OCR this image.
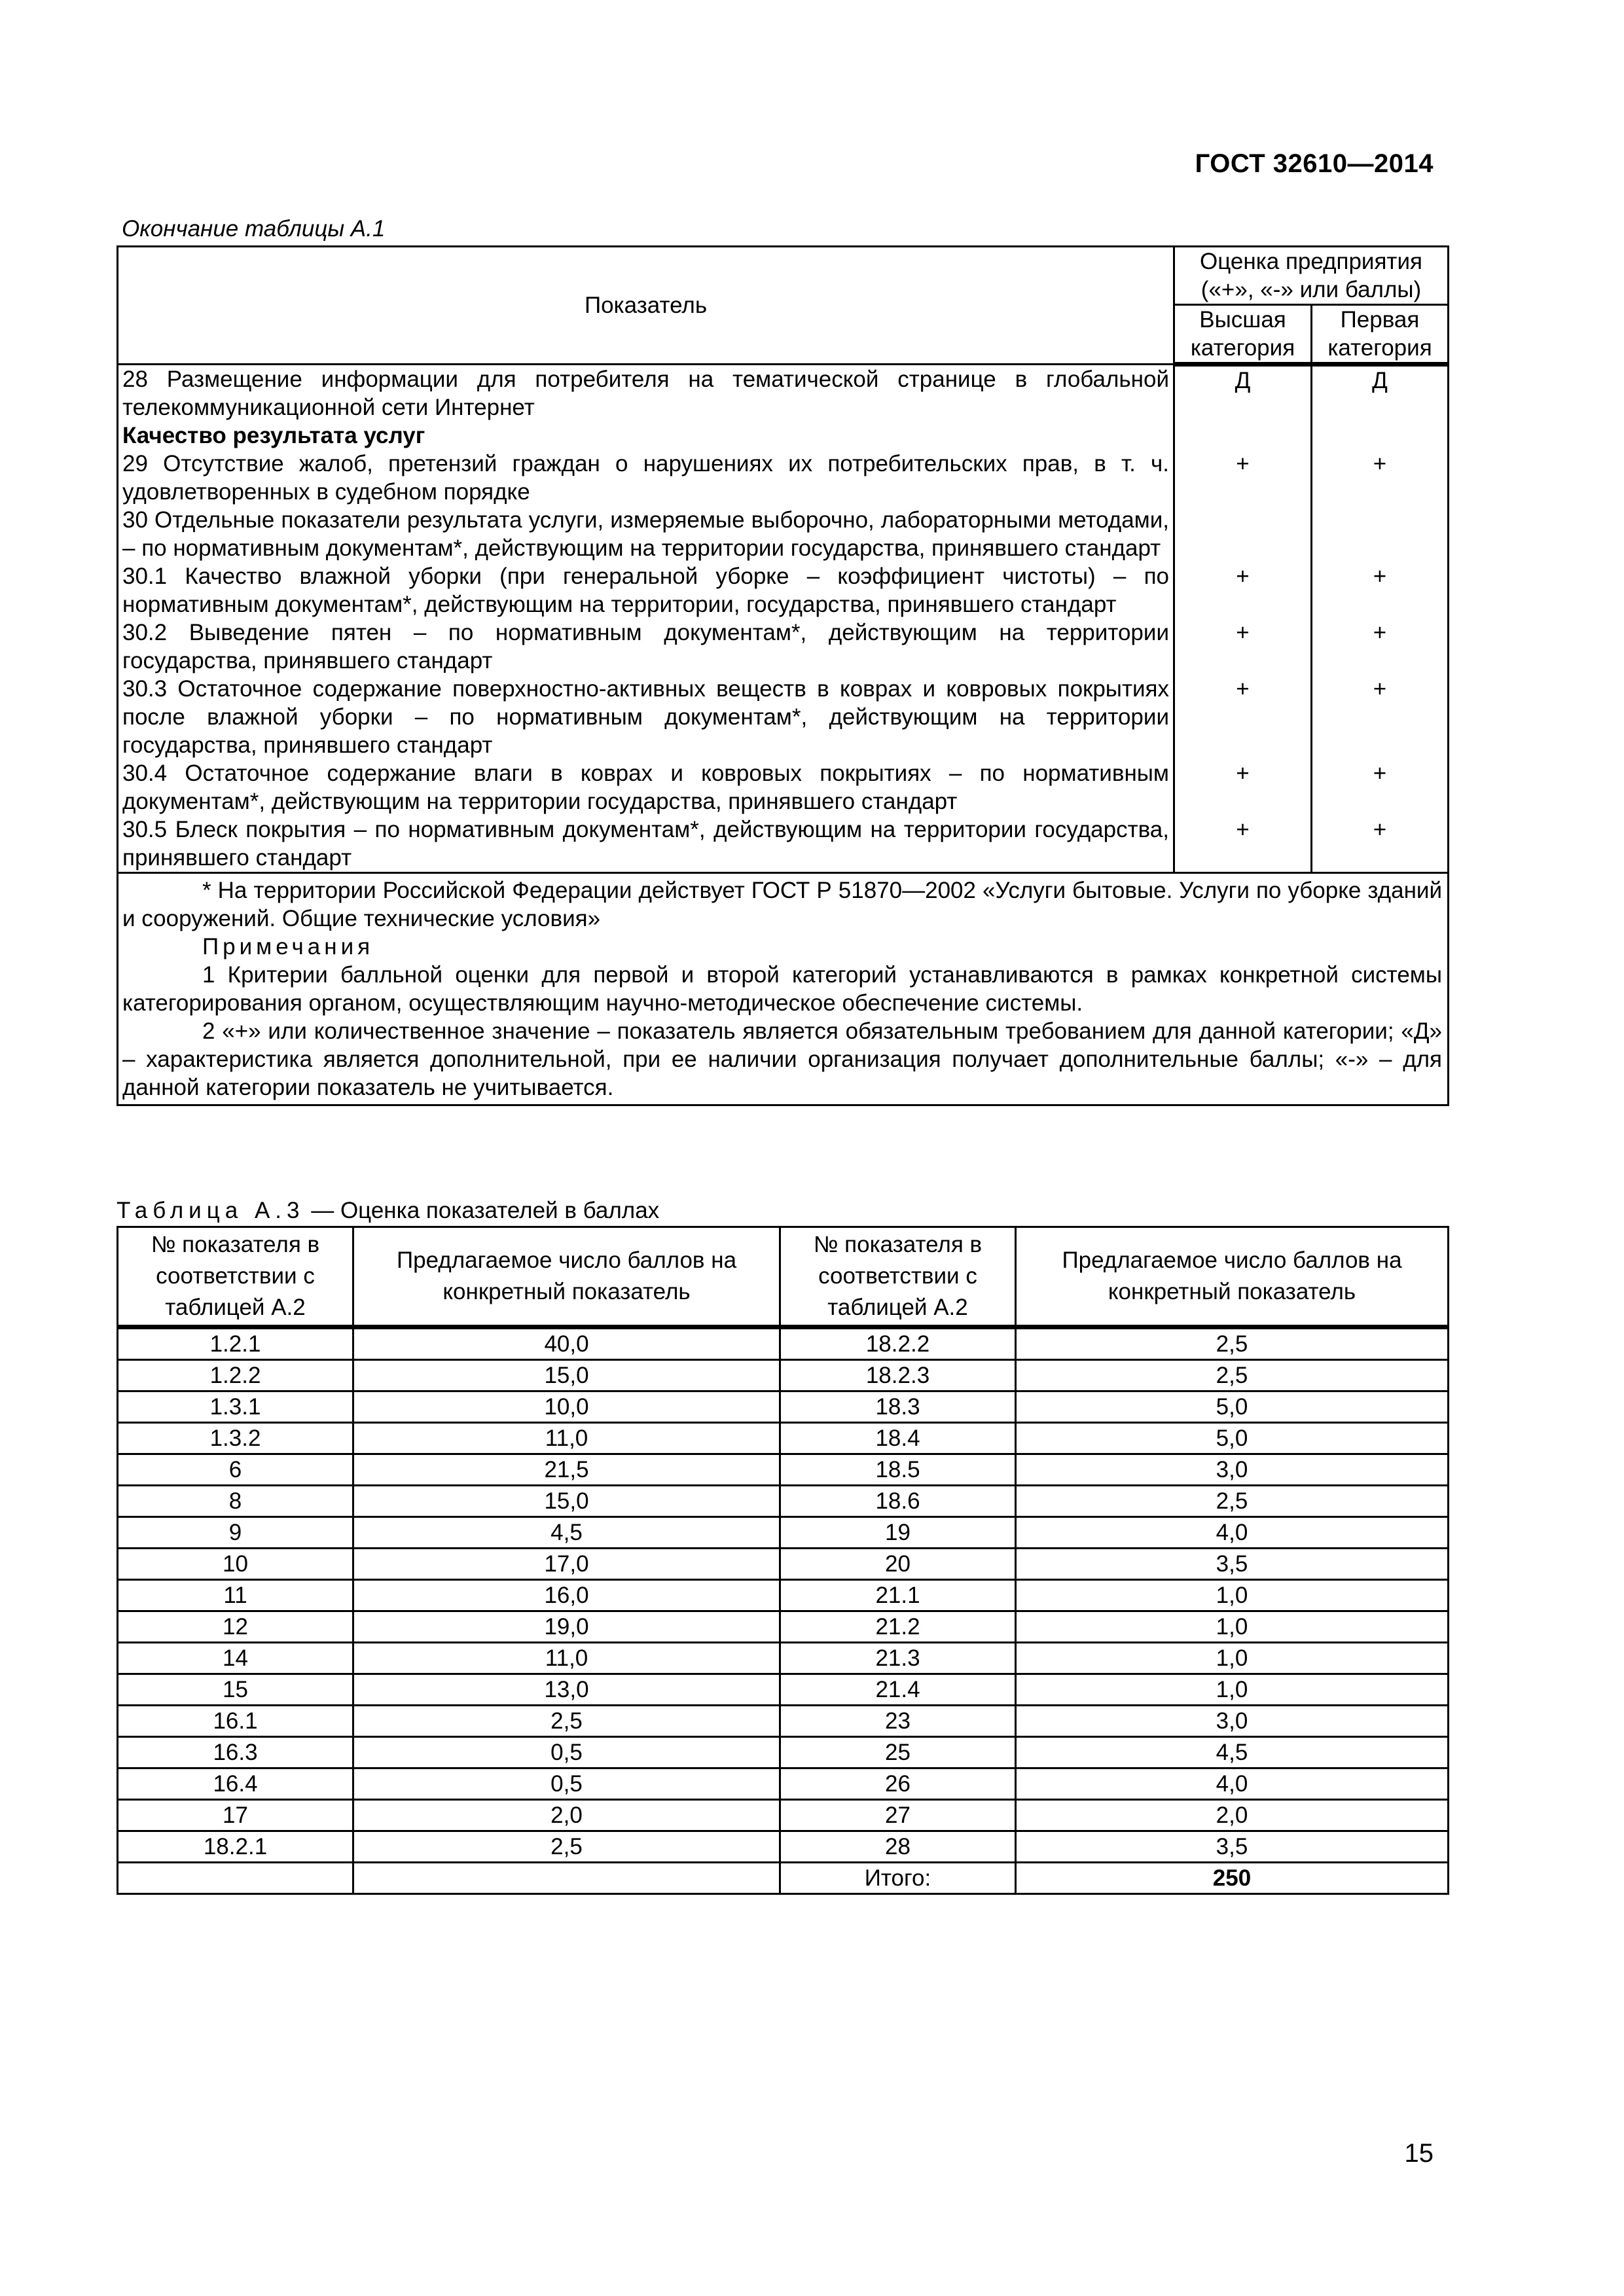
ГОСТ 32610—2014
Окончание таблицы А.1
Показатель	Оценка предприятия («+», «-» или баллы)	
	Высшая категория	Первая категория
28 Размещение информации для потребителя на тематической странице в глобальной телекоммуникационной сети Интернет	Д	Д
Качество результата услуг		
29 Отсутствие жалоб, претензий граждан о нарушениях их потребительских прав, в т. ч. удовлетворенных в судебном порядке	+	+
30 Отдельные показатели результата услуги, измеряемые выборочно, лабораторными методами, – по нормативным документам*, действующим на территории государства, принявшего стандарт		
30.1 Качество влажной уборки (при генеральной уборке – коэффициент чистоты) – по нормативным документам*, действующим на территории, государства, принявшего стандарт	+	+
30.2 Выведение пятен – по нормативным документам*, действующим на территории государства, принявшего стандарт	+	+
30.3 Остаточное содержание поверхностно-активных веществ в коврах и ковровых покрытиях после влажной уборки – по нормативным документам*, действующим на территории государства, принявшего стандарт	+	+
30.4 Остаточное содержание влаги в коврах и ковровых покрытиях – по нормативным документам*, действующим на территории государства, принявшего стандарт	+	+
30.5 Блеск покрытия – по нормативным документам*, действующим на территории государства, принявшего стандарт	+	+

* На территории Российской Федерации действует ГОСТ Р 51870—2002 «Услуги бытовые. Услуги по уборке зданий и сооружений. Общие технические условия»

Примечания

1 Критерии балльной оценки для первой и второй категорий устанавливаются в рамках конкретной системы категорирования органом, осуществляющим научно-методическое обеспечение системы.

2 «+» или количественное значение – показатель является обязательным требованием для данной категории; «Д» – характеристика является дополнительной, при ее наличии организация получает дополнительные баллы; «-» – для данной категории показатель не учитывается.		

Таблица А.3 — Оценка показателей в баллах
№ показателя в соответствии с таблицей А.2	Предлагаемое число баллов на конкретный показатель	№ показателя в соответствии с таблицей А.2	Предлагаемое число баллов на конкретный показатель
1.2.1	40,0	18.2.2	2,5
1.2.2	15,0	18.2.3	2,5
1.3.1	10,0	18.3	5,0
1.3.2	11,0	18.4	5,0
6	21,5	18.5	3,0
8	15,0	18.6	2,5
9	4,5	19	4,0
10	17,0	20	3,5
11	16,0	21.1	1,0
12	19,0	21.2	1,0
14	11,0	21.3	1,0
15	13,0	21.4	1,0
16.1	2,5	23	3,0
16.3	0,5	25	4,5
16.4	0,5	26	4,0
17	2,0	27	2,0
18.2.1	2,5	28	3,5
		Итого:	250
15
